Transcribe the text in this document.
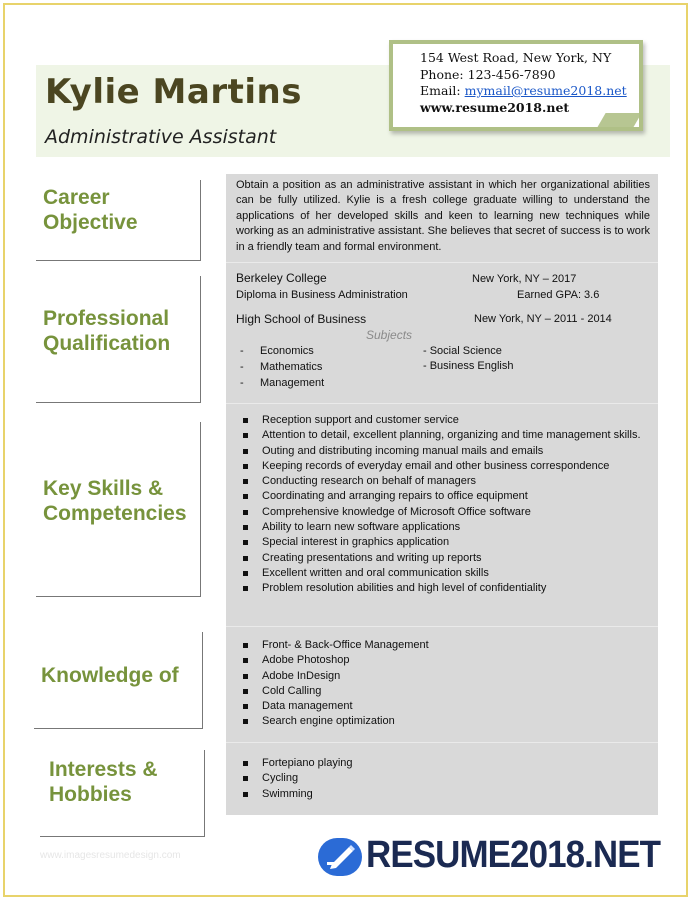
Kylie Martins
Administrative Assistant
154 West Road, New York, NY
Phone: 123-456-7890
Email: mymail@resume2018.net
www.resume2018.net
Career Objective
Professional Qualification
Key Skills & Competencies
Knowledge of
Interests & Hobbies
Obtain a position as an administrative assistant in which her organizational abilities can be fully utilized. Kylie is a fresh college graduate willing to understand the applications of her developed skills and keen to learning new techniques while working as an administrative assistant. She believes that secret of success is to work in a friendly team and formal environment.
Berkeley College	New York, NY – 2017
Diploma in Business Administration	Earned GPA: 3.6
High School of Business	New York, NY – 2011 - 2014
Subjects
- Economics
- Mathematics
- Management
- Social Science
- Business English
Reception support and customer service
Attention to detail, excellent planning, organizing and time management skills.
Outing and distributing incoming manual mails and emails
Keeping records of everyday email and other business correspondence
Conducting research on behalf of managers
Coordinating and arranging repairs to office equipment
Comprehensive knowledge of Microsoft Office software
Ability to learn new software applications
Special interest in graphics application
Creating presentations and writing up reports
Excellent written and oral communication skills
Problem resolution abilities and high level of confidentiality
Front- & Back-Office Management
Adobe Photoshop
Adobe InDesign
Cold Calling
Data management
Search engine optimization
Fortepiano playing
Cycling
Swimming
www.imagesresumedesign.com	RESUME2018.NET
